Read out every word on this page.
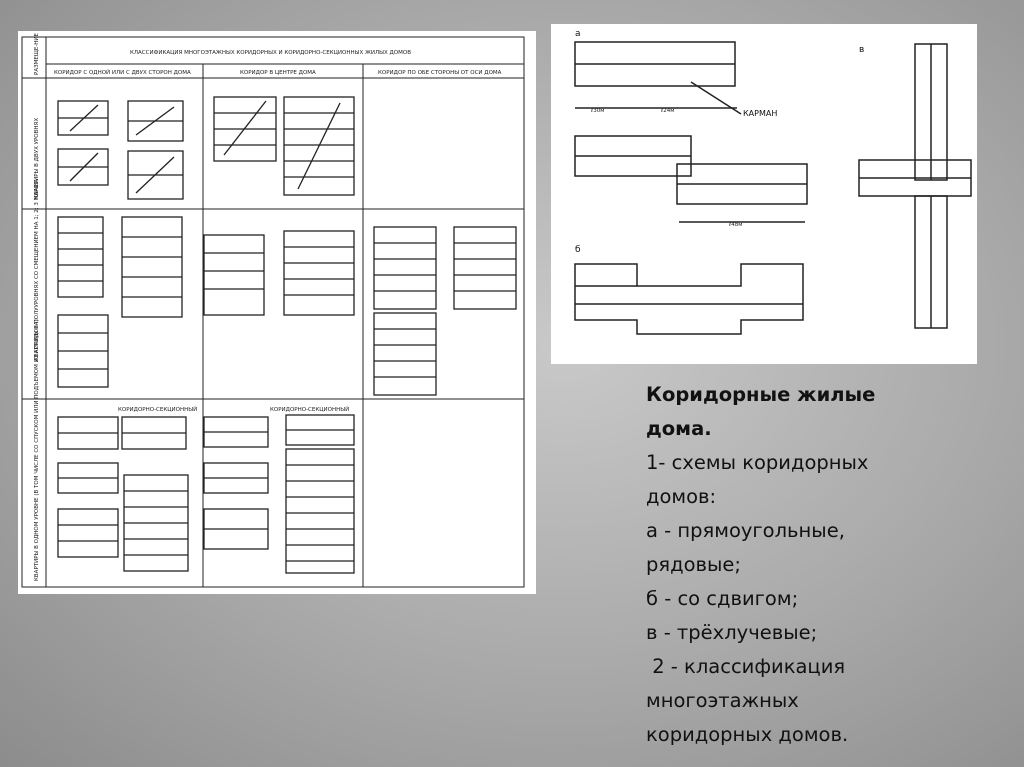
КЛАССИФИКАЦИЯ МНОГОЭТАЖНЫХ КОРИДОРНЫХ И КОРИДОРНО-СЕКЦИОННЫХ ЖИЛЫХ ДОМОВ
КОРИДОР С ОДНОЙ ИЛИ С ДВУХ СТОРОН ДОМА	КОРИДОР В ЦЕНТРЕ ДОМА	КОРИДОР ПО ОБЕ СТОРОНЫ ОТ ОСИ ДОМА
РАЗМЕЩЕ-НИЕ КВАРТИРЫ
КВАРТИРЫ В ДВУХ УРОВНЯХ
КВАРТИРЫ В ПОЛУУРОВНЯХ СО СМЕЩЕНИЕМ НА 1; 2; 3 МАРША
КВАРТИРЫ В ОДНОМ УРОВНЕ (В ТОМ ЧИСЛЕ СО СПУСКОМ ИЛИ ПОДЪЕМОМ ИЗ КОРИДОРА)	КОРИДОРНО-СЕКЦИОННЫЙ	КОРИДОРНО-СЕКЦИОННЫЙ
а
б
в
ℓ30м	ℓ24м	КАРМАН
ℓ48м
Коридорные жилые
дома.
1- схемы коридорных
домов:
а - прямоугольные,
рядовые;
б - со сдвигом;
в - трёхлучевые;
2 - классификация
многоэтажных
коридорных домов.
